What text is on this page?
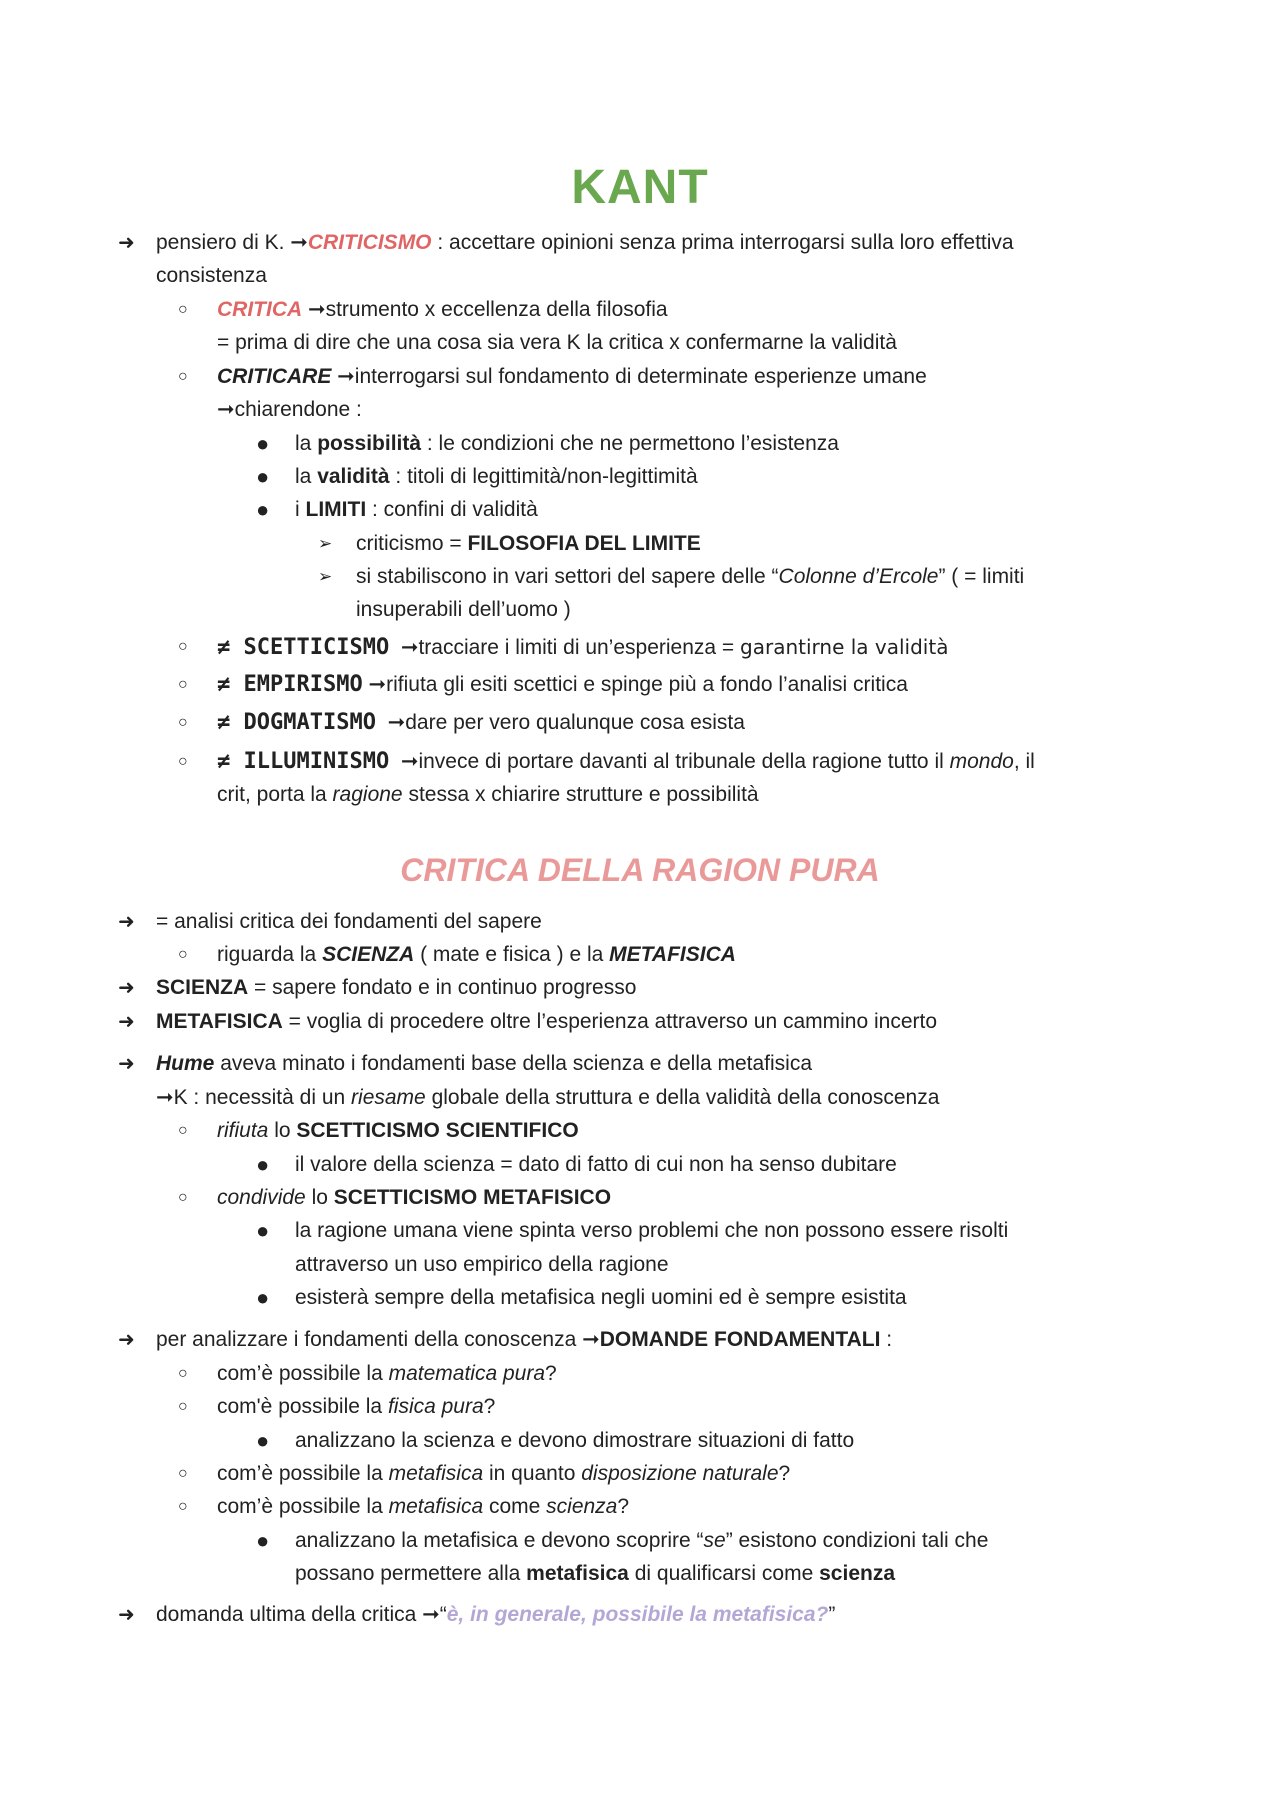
KANT
➜ pensiero di K. ➞CRITICISMO : accettare opinioni senza prima interrogarsi sulla loro effettiva
consistenza
○ CRITICA ➞strumento x eccellenza della filosofia
= prima di dire che una cosa sia vera K la critica x confermarne la validità
○ CRITICARE ➞interrogarsi sul fondamento di determinate esperienze umane
➞chiarendone :
● la possibilità : le condizioni che ne permettono l’esistenza
● la validità : titoli di legittimità/non-legittimità
● i LIMITI : confini di validità
➢ criticismo = FILOSOFIA DEL LIMITE
➢ si stabiliscono in vari settori del sapere delle “Colonne d’Ercole” ( = limiti
insuperabili dell’uomo )
○ ≠ SCETTICISMO  ➞tracciare i limiti di un’esperienza = garantirne la validità
○ ≠ EMPIRISMO ➞rifiuta gli esiti scettici e spinge più a fondo l’analisi critica
○ ≠ DOGMATISMO  ➞dare per vero qualunque cosa esista
○ ≠ ILLUMINISMO  ➞invece di portare davanti al tribunale della ragione tutto il mondo, il
crit, porta la ragione stessa x chiarire strutture e possibilità
CRITICA DELLA RAGION PURA
➜ = analisi critica dei fondamenti del sapere
○ riguarda la SCIENZA ( mate e fisica ) e la METAFISICA
➜ SCIENZA = sapere fondato e in continuo progresso
➜ METAFISICA = voglia di procedere oltre l’esperienza attraverso un cammino incerto
➜ Hume aveva minato i fondamenti base della scienza e della metafisica
➞K : necessità di un riesame globale della struttura e della validità della conoscenza
○ rifiuta lo SCETTICISMO SCIENTIFICO
● il valore della scienza = dato di fatto di cui non ha senso dubitare
○ condivide lo SCETTICISMO METAFISICO
● la ragione umana viene spinta verso problemi che non possono essere risolti
attraverso un uso empirico della ragione
● esisterà sempre della metafisica negli uomini ed è sempre esistita
➜ per analizzare i fondamenti della conoscenza ➞DOMANDE FONDAMENTALI :
○ com’è possibile la matematica pura?
○ com'è possibile la fisica pura?
● analizzano la scienza e devono dimostrare situazioni di fatto
○ com’è possibile la metafisica in quanto disposizione naturale?
○ com’è possibile la metafisica come scienza?
● analizzano la metafisica e devono scoprire “se” esistono condizioni tali che
possano permettere alla metafisica di qualificarsi come scienza
➜ domanda ultima della critica ➞“è, in generale, possibile la metafisica?”
